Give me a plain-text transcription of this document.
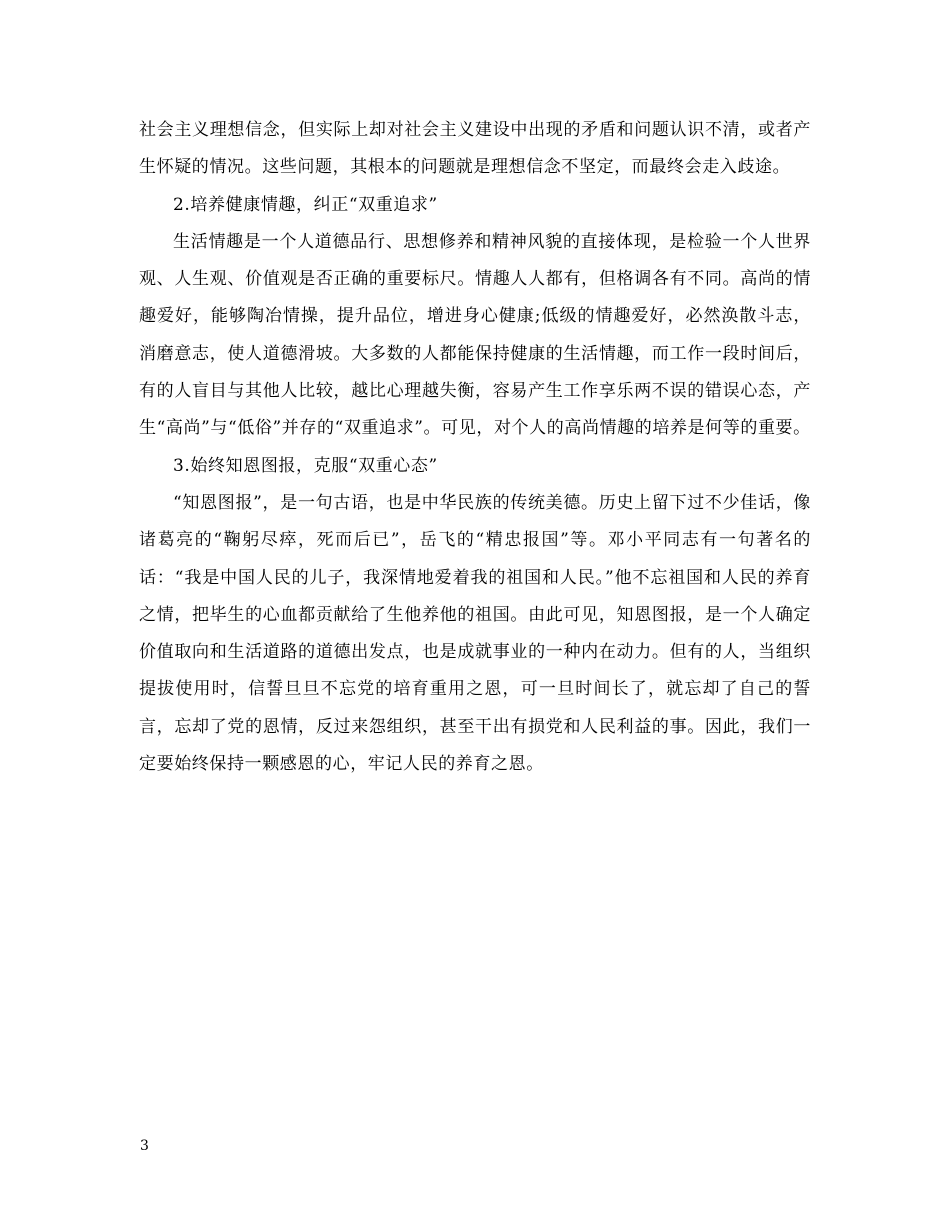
社会主义理想信念，但实际上却对社会主义建设中出现的矛盾和问题认识不清，或者产生怀疑的情况。这些问题，其根本的问题就是理想信念不坚定，而最终会走入歧途。

2.培养健康情趣，纠正“双重追求”

生活情趣是一个人道德品行、思想修养和精神风貌的直接体现，是检验一个人世界观、人生观、价值观是否正确的重要标尺。情趣人人都有，但格调各有不同。高尚的情趣爱好，能够陶冶情操，提升品位，增进身心健康;低级的情趣爱好，必然涣散斗志，消磨意志，使人道德滑坡。大多数的人都能保持健康的生活情趣，而工作一段时间后，有的人盲目与其他人比较，越比心理越失衡，容易产生工作享乐两不误的错误心态，产生“高尚”与“低俗”并存的“双重追求”。可见，对个人的高尚情趣的培养是何等的重要。

3.始终知恩图报，克服“双重心态”

“知恩图报”，是一句古语，也是中华民族的传统美德。历史上留下过不少佳话，像诸葛亮的“鞠躬尽瘁，死而后已”，岳飞的“精忠报国”等。邓小平同志有一句著名的话：“我是中国人民的儿子，我深情地爱着我的祖国和人民。”他不忘祖国和人民的养育之情，把毕生的心血都贡献给了生他养他的祖国。由此可见，知恩图报，是一个人确定价值取向和生活道路的道德出发点，也是成就事业的一种内在动力。但有的人，当组织提拔使用时，信誓旦旦不忘党的培育重用之恩，可一旦时间长了，就忘却了自己的誓言，忘却了党的恩情，反过来怨组织，甚至干出有损党和人民利益的事。因此，我们一定要始终保持一颗感恩的心，牢记人民的养育之恩。

3
